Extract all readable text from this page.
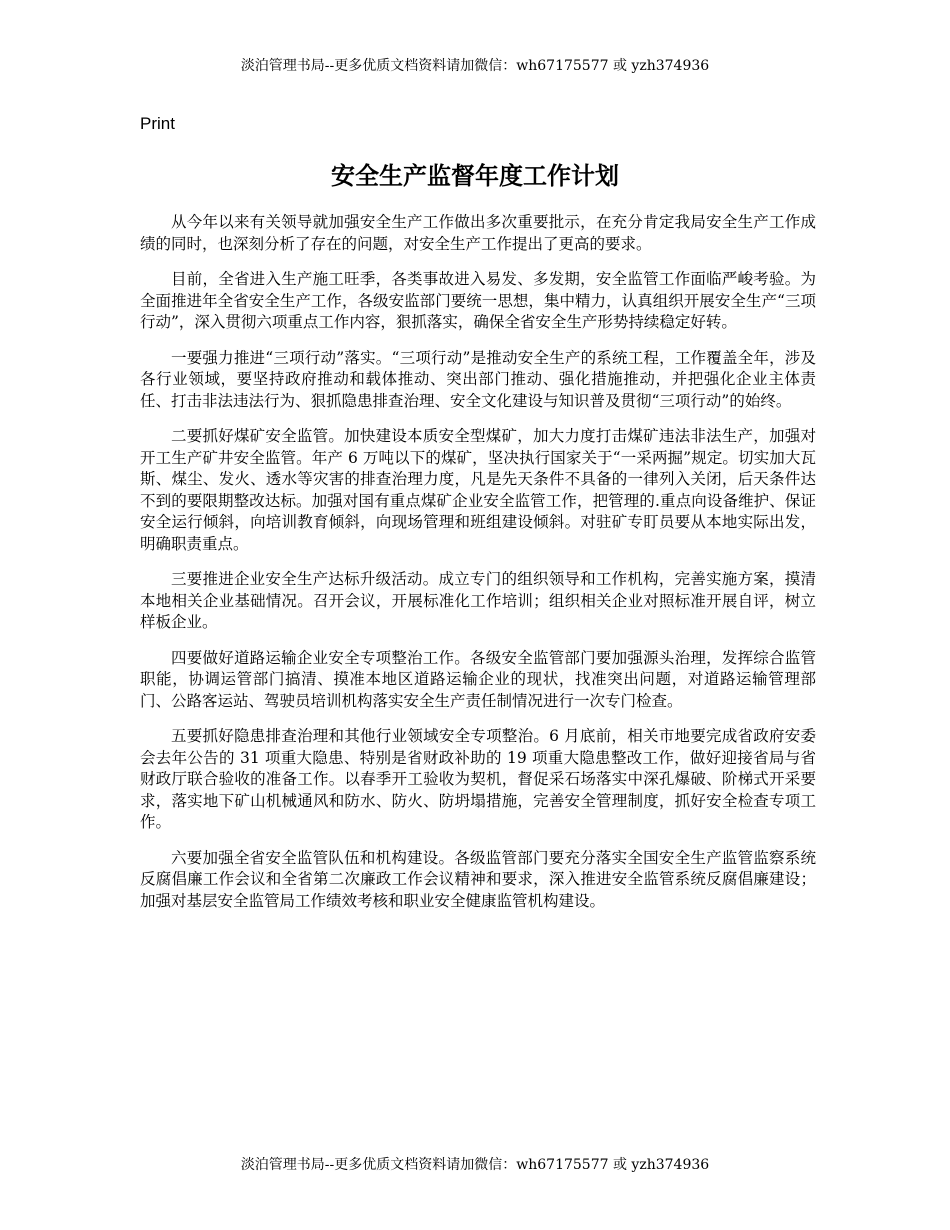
淡泊管理书局--更多优质文档资料请加微信：wh67175577 或 yzh374936
Print
安全生产监督年度工作计划

从今年以来有关领导就加强安全生产工作做出多次重要批示，在充分肯定我局安全生产工作成绩的同时，也深刻分析了存在的问题，对安全生产工作提出了更高的要求。

目前，全省进入生产施工旺季，各类事故进入易发、多发期，安全监管工作面临严峻考验。为全面推进年全省安全生产工作，各级安监部门要统一思想，集中精力，认真组织开展安全生产“三项行动”，深入贯彻六项重点工作内容，狠抓落实，确保全省安全生产形势持续稳定好转。

一要强力推进“三项行动”落实。“三项行动”是推动安全生产的系统工程，工作覆盖全年，涉及各行业领域，要坚持政府推动和载体推动、突出部门推动、强化措施推动，并把强化企业主体责任、打击非法违法行为、狠抓隐患排查治理、安全文化建设与知识普及贯彻“三项行动”的始终。

二要抓好煤矿安全监管。加快建设本质安全型煤矿，加大力度打击煤矿违法非法生产，加强对开工生产矿井安全监管。年产 6 万吨以下的煤矿，坚决执行国家关于“一采两掘”规定。切实加大瓦斯、煤尘、发火、透水等灾害的排查治理力度，凡是先天条件不具备的一律列入关闭，后天条件达不到的要限期整改达标。加强对国有重点煤矿企业安全监管工作，把管理的.重点向设备维护、保证安全运行倾斜，向培训教育倾斜，向现场管理和班组建设倾斜。对驻矿专盯员要从本地实际出发，明确职责重点。

三要推进企业安全生产达标升级活动。成立专门的组织领导和工作机构，完善实施方案，摸清本地相关企业基础情况。召开会议，开展标准化工作培训；组织相关企业对照标准开展自评，树立样板企业。

四要做好道路运输企业安全专项整治工作。各级安全监管部门要加强源头治理，发挥综合监管职能，协调运管部门搞清、摸准本地区道路运输企业的现状，找准突出问题，对道路运输管理部门、公路客运站、驾驶员培训机构落实安全生产责任制情况进行一次专门检查。

五要抓好隐患排查治理和其他行业领域安全专项整治。6 月底前，相关市地要完成省政府安委会去年公告的 31 项重大隐患、特别是省财政补助的 19 项重大隐患整改工作，做好迎接省局与省财政厅联合验收的准备工作。以春季开工验收为契机，督促采石场落实中深孔爆破、阶梯式开采要求，落实地下矿山机械通风和防水、防火、防坍塌措施，完善安全管理制度，抓好安全检查专项工作。

六要加强全省安全监管队伍和机构建设。各级监管部门要充分落实全国安全生产监管监察系统反腐倡廉工作会议和全省第二次廉政工作会议精神和要求，深入推进安全监管系统反腐倡廉建设；加强对基层安全监管局工作绩效考核和职业安全健康监管机构建设。

淡泊管理书局--更多优质文档资料请加微信：wh67175577 或 yzh374936
